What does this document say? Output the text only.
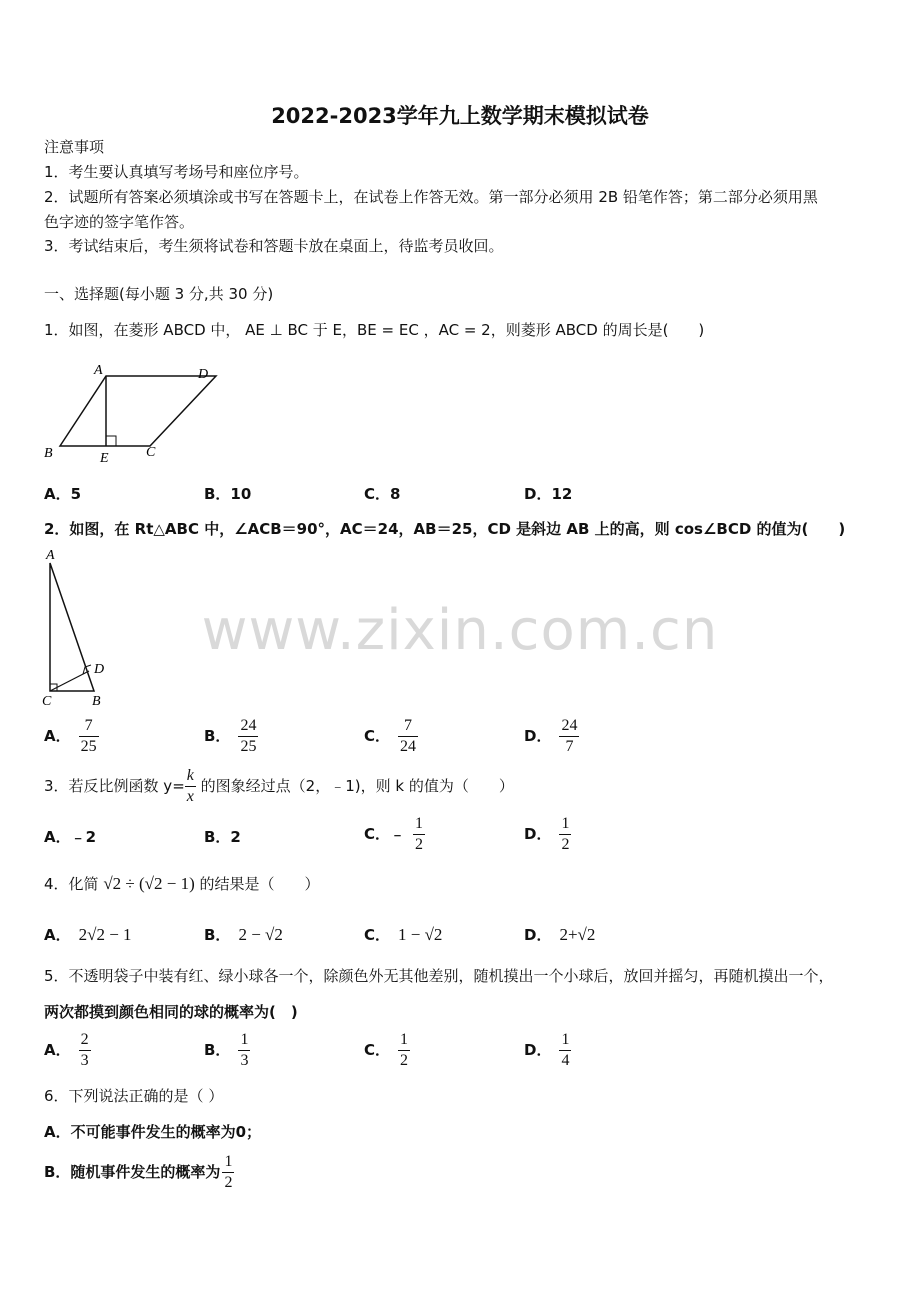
2022-2023学年九上数学期末模拟试卷
www.zixin.com.cn
注意事项
1．考生要认真填写考场号和座位序号。
2．试题所有答案必须填涂或书写在答题卡上，在试卷上作答无效。第一部分必须用 2B 铅笔作答；第二部分必须用黑
色字迹的签字笔作答。
3．考试结束后，考生须将试卷和答题卡放在桌面上，待监考员收回。
一、选择题(每小题 3 分,共 30 分)
1．如图，在菱形 ABCD 中， AE ⊥ BC 于 E，BE = EC ，AC = 2，则菱形 ABCD 的周长是(　　)
A	D
B	E	C
A．5	B．10	C．8	D．12
2．如图，在 Rt△ABC 中，∠ACB＝90°，AC＝24，AB＝25，CD 是斜边 AB 上的高，则 cos∠BCD 的值为(　　)
A
D
C	B
A． $\frac{7}{25}$	B． $\frac{24}{25}$	C． $\frac{7}{24}$	D． $\frac{24}{7}$
3．若反比例函数 $y= \frac{k}{x}$ 的图象经过点（2，﹣1)，则 k 的值为（　　）
A．﹣2	B．2	C．﹣ $\frac{1}{2}$	D． $\frac{1}{2}$
4．化简 √2 ÷ (√2 − 1) 的结果是（　　）
A． 2√2 − 1	B． 2 − √2	C． 1 − √2	D． 2+√2
5．不透明袋子中装有红、绿小球各一个，除颜色外无其他差别，随机摸出一个小球后，放回并摇匀，再随机摸出一个，
两次都摸到颜色相同的球的概率为(　)
A． $\frac{2}{3}$	B． $\frac{1}{3}$	C． $\frac{1}{2}$	D． $\frac{1}{4}$
6．下列说法正确的是（ ）
A．不可能事件发生的概率为0；
B．随机事件发生的概率为 $\frac{1}{2}$
